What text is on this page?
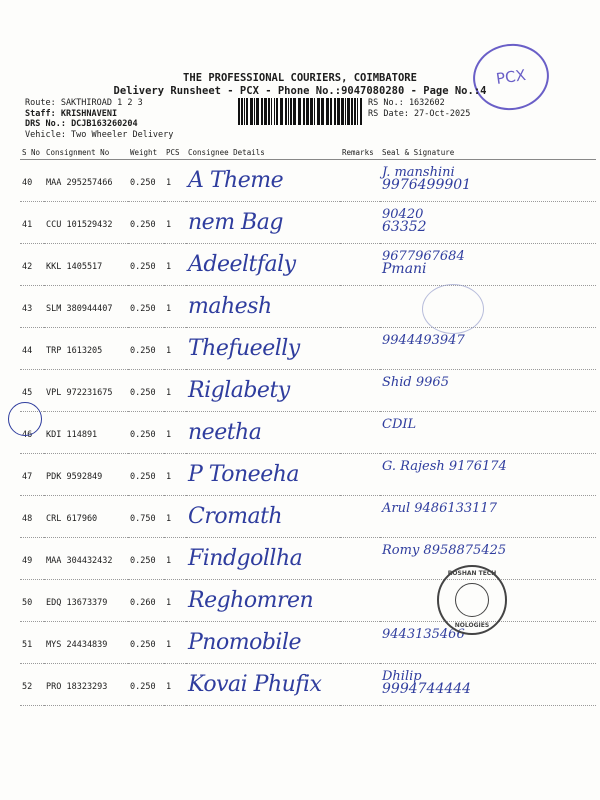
PCX
THE PROFESSIONAL COURIERS, COIMBATORE
Delivery Runsheet - PCX - Phone No.:9047080280 - Page No.:4
Route: SAKTHIROAD 1 2 3
Staff: KRISHNAVENI
DRS No.: DCJB163260204
Vehicle: Two Wheeler Delivery
RS No.: 1632602
RS Date: 27-Oct-2025
S No	Consignment No	Weight	PCS	Consignee Details	Remarks	Seal & Signature
40	MAA 295257466	0.250	1	A Theme		J. manshini
9976499901

41	CCU 101529432	0.250	1	nem Bag		90420
63352

42	KKL 1405517	0.250	1	Adeeltfaly		9677967684
Pmani

43	SLM 380944407	0.250	1	mahesh		

44	TRP 1613205	0.250	1	Thefueelly		9944493947

45	VPL 972231675	0.250	1	Riglabety		Shid 9965

46	KDI 114891	0.250	1	neetha		CDIL

47	PDK 9592849	0.250	1	P Toneeha		G. Rajesh 9176174

48	CRL 617960	0.750	1	Cromath		Arul 9486133117

49	MAA 304432432	0.250	1	Findgollha		Romy 8958875425

50	EDQ 13673379	0.260	1	Reghomren		

51	MYS 24434839	0.250	1	Pnomobile		9443135466

52	PRO 18323293	0.250	1	Kovai Phufix		Dhilip
9994744444
ROSHAN TECH
NOLOGIES
